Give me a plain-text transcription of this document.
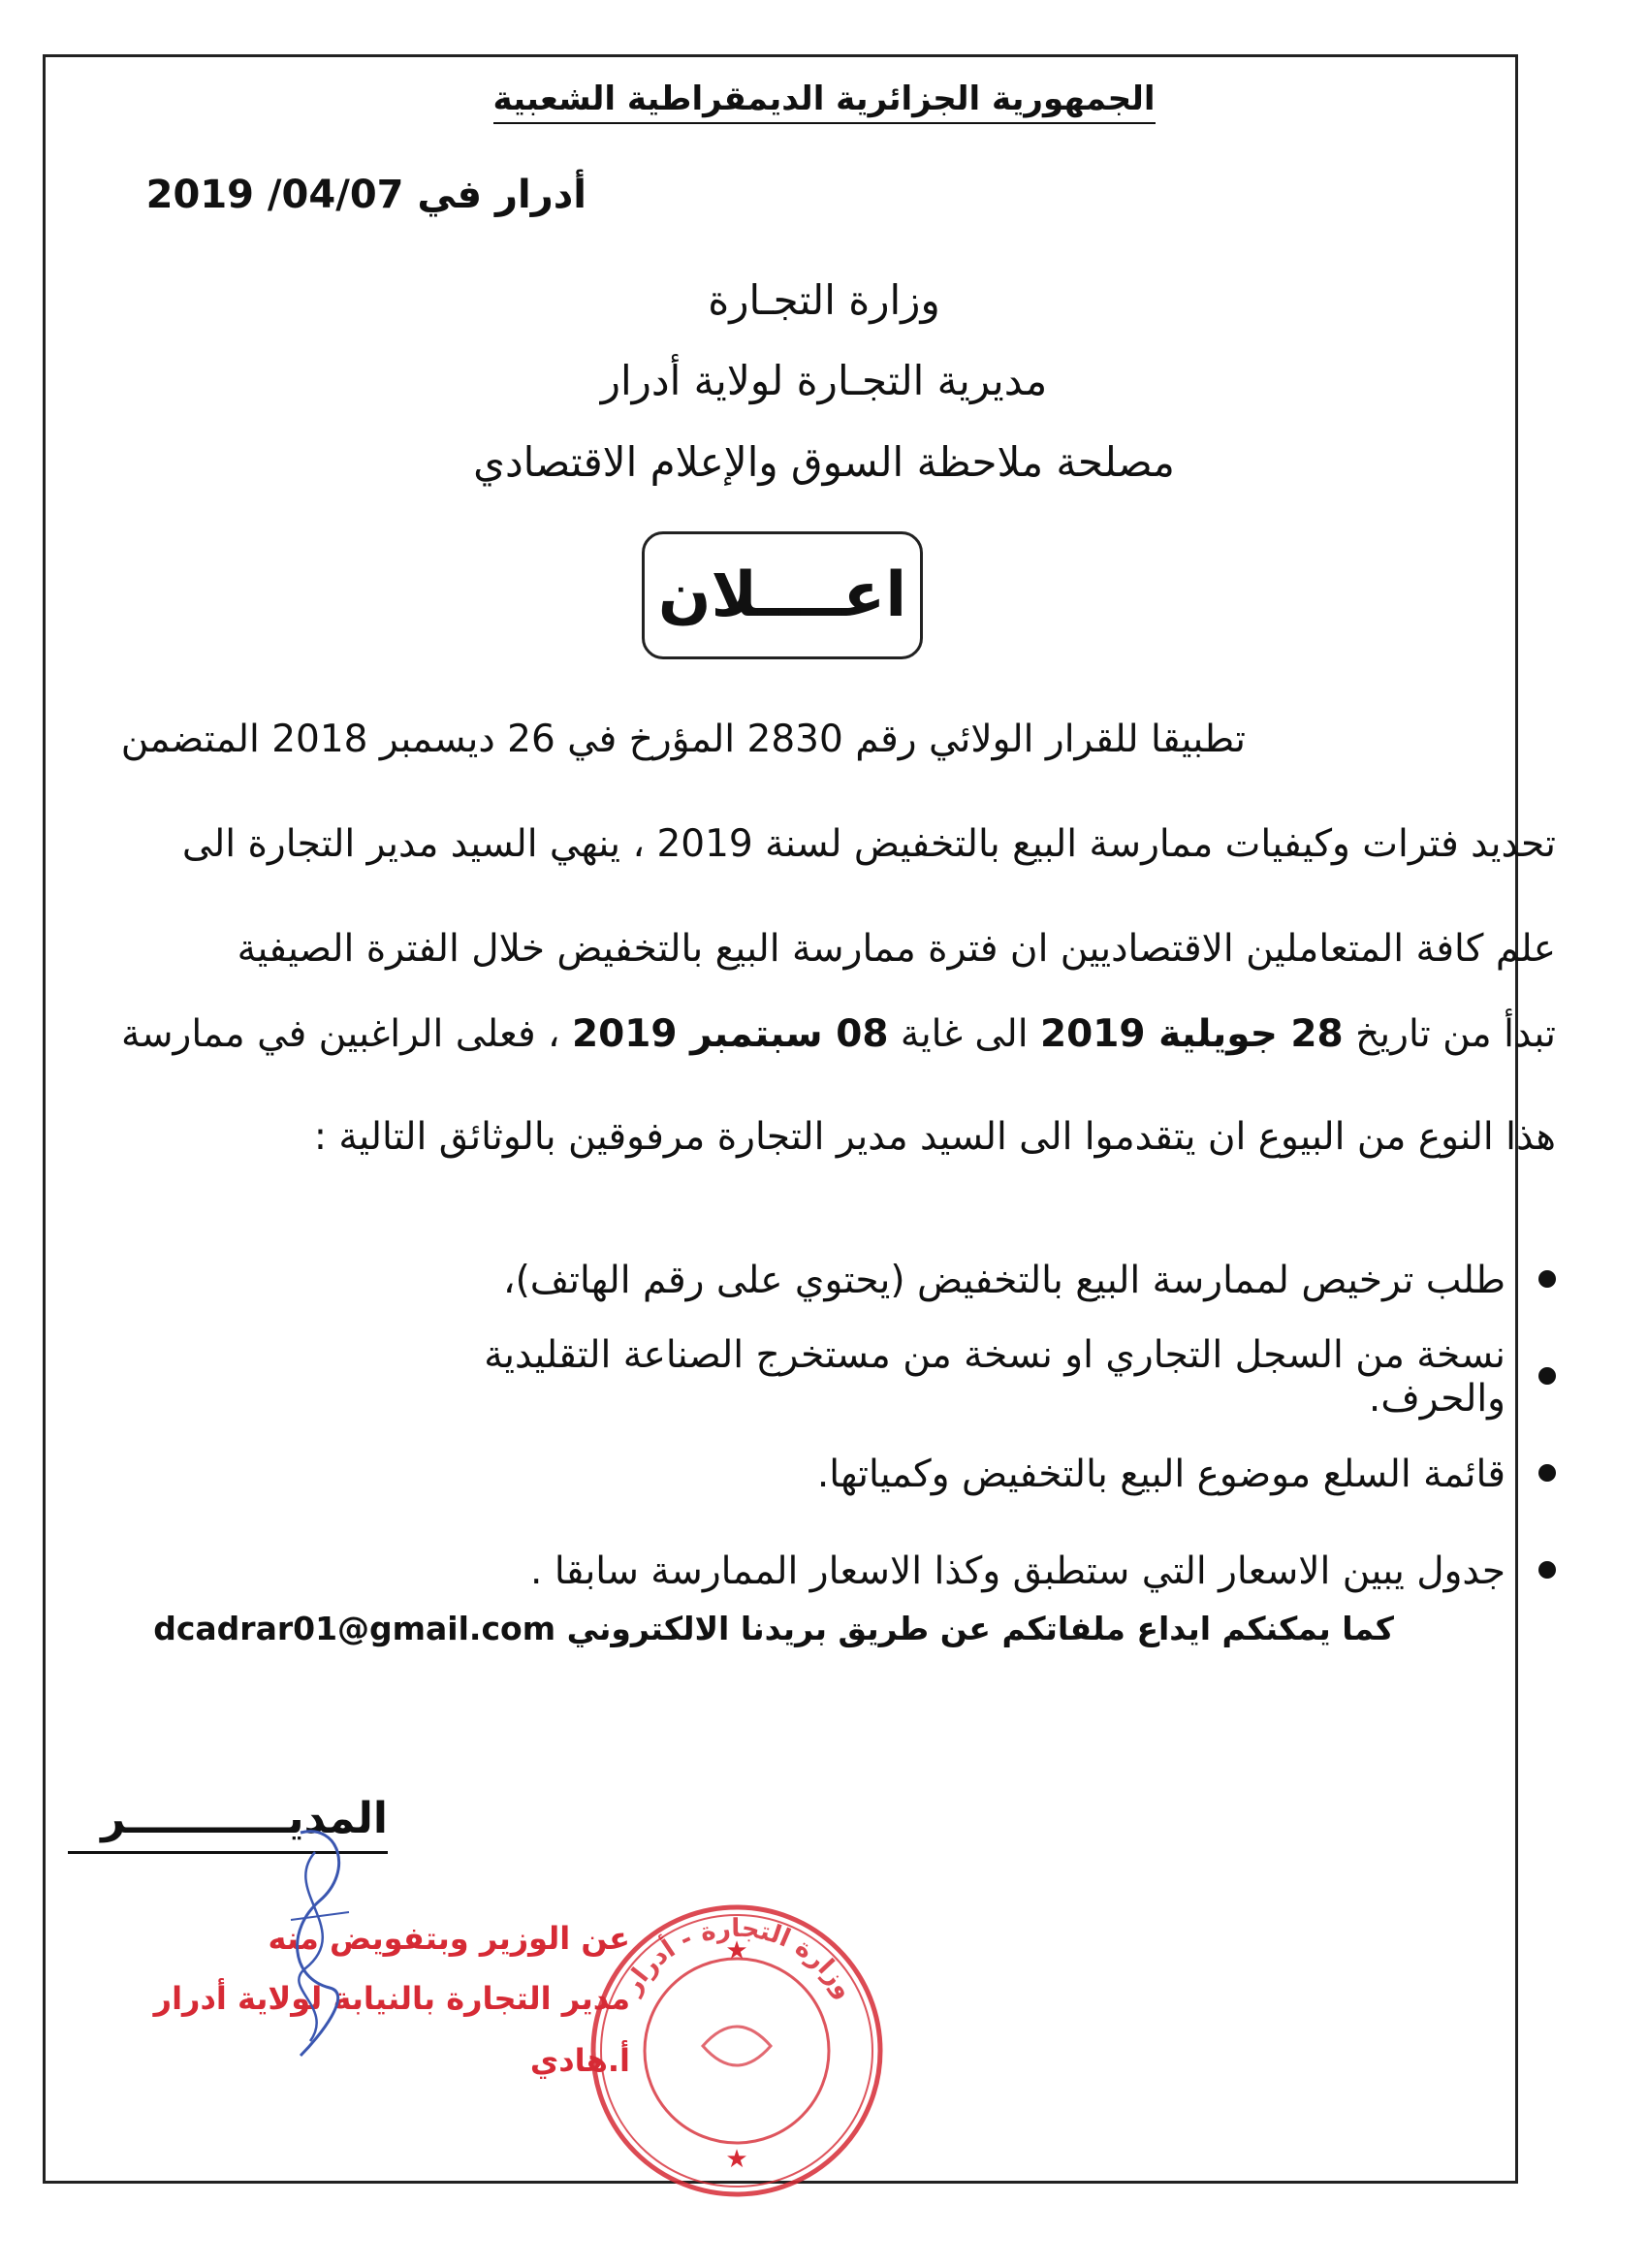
الجمهورية الجزائرية الديمقراطية الشعبية
أدرار في 04/07/ 2019
وزارة التجـارة
مديرية التجـارة لولاية أدرار
مصلحة ملاحظة السوق والإعلام الاقتصادي
اعــــلان
تطبيقا للقرار الولائي رقم 2830 المؤرخ في 26 ديسمبر 2018 المتضمن
تحديد فترات وكيفيات ممارسة البيع بالتخفيض لسنة 2019 ، ينهي السيد مدير التجارة الى
علم كافة المتعاملين الاقتصاديين ان فترة ممارسة البيع بالتخفيض خلال الفترة الصيفية
تبدأ من تاريخ 28 جويلية 2019 الى غاية 08 سبتمبر 2019 ، فعلى الراغبين في ممارسة
هذا النوع من البيوع ان يتقدموا الى السيد مدير التجارة مرفوقين بالوثائق التالية :
طلب ترخيص لممارسة البيع بالتخفيض (يحتوي على رقم الهاتف)،
نسخة من السجل التجاري او نسخة من مستخرج الصناعة التقليدية والحرف.
قائمة السلع موضوع البيع بالتخفيض وكمياتها.
جدول يبين الاسعار التي ستطبق وكذا الاسعار الممارسة سابقا .
كما يمكنكم ايداع ملفاتكم عن طريق بريدنا الالكتروني dcadrar01@gmail.com
المديـــــــــــر
عن الوزير وبتفويض منه
مدير التجارة بالنيابة لولاية أدرار
أ.هادي
وزارة التجارة - أدرار
★
★
